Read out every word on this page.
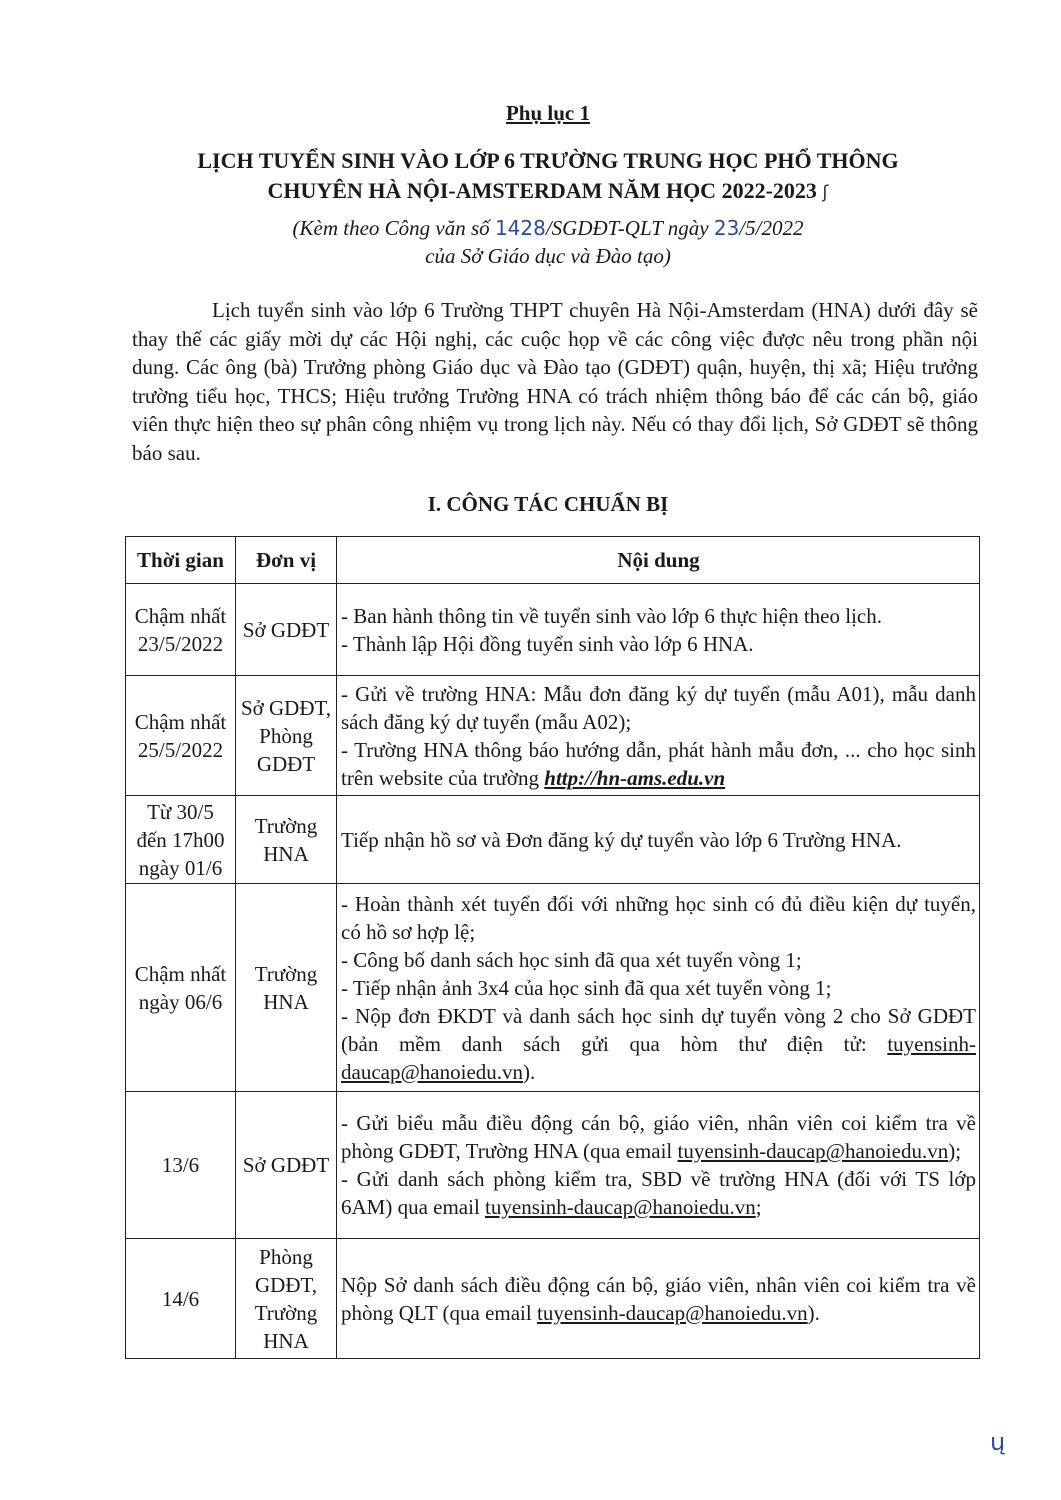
Phụ lục 1
LỊCH TUYỂN SINH VÀO LỚP 6 TRƯỜNG TRUNG HỌC PHỔ THÔNG
CHUYÊN HÀ NỘI-AMSTERDAM NĂM HỌC 2022-2023 ʃ
(Kèm theo Công văn số 1428/SGDĐT-QLT ngày 23/5/2022
của Sở Giáo dục và Đào tạo)
Lịch tuyển sinh vào lớp 6 Trường THPT chuyên Hà Nội-Amsterdam (HNA) dưới đây sẽ thay thế các giấy mời dự các Hội nghị, các cuộc họp về các công việc được nêu trong phần nội dung. Các ông (bà) Trưởng phòng Giáo dục và Đào tạo (GDĐT) quận, huyện, thị xã; Hiệu trưởng trường tiểu học, THCS; Hiệu trưởng Trường HNA có trách nhiệm thông báo để các cán bộ, giáo viên thực hiện theo sự phân công nhiệm vụ trong lịch này. Nếu có thay đổi lịch, Sở GDĐT sẽ thông báo sau.
I. CÔNG TÁC CHUẨN BỊ
Thời gian	Đơn vị	Nội dung
Chậm nhất 23/5/2022	Sở GDĐT	- Ban hành thông tin về tuyển sinh vào lớp 6 thực hiện theo lịch.
- Thành lập Hội đồng tuyển sinh vào lớp 6 HNA.

Chậm nhất 25/5/2022	Sở GDĐT, Phòng GDĐT	- Gửi về trường HNA: Mẫu đơn đăng ký dự tuyển (mẫu A01), mẫu danh sách đăng ký dự tuyển (mẫu A02);
- Trường HNA thông báo hướng dẫn, phát hành mẫu đơn, ... cho học sinh trên website của trường http://hn-ams.edu.vn

Từ 30/5 đến 17h00 ngày 01/6	Trường HNA	Tiếp nhận hồ sơ và Đơn đăng ký dự tuyển vào lớp 6 Trường HNA.

Chậm nhất ngày 06/6	Trường HNA	- Hoàn thành xét tuyển đối với những học sinh có đủ điều kiện dự tuyển, có hồ sơ hợp lệ;
- Công bố danh sách học sinh đã qua xét tuyển vòng 1;
- Tiếp nhận ảnh 3x4 của học sinh đã qua xét tuyển vòng 1;
- Nộp đơn ĐKDT và danh sách học sinh dự tuyển vòng 2 cho Sở GDĐT (bản mềm danh sách gửi qua hòm thư điện tử: tuyensinh-daucap@hanoiedu.vn).

13/6	Sở GDĐT	- Gửi biểu mẫu điều động cán bộ, giáo viên, nhân viên coi kiểm tra về phòng GDĐT, Trường HNA (qua email tuyensinh-daucap@hanoiedu.vn);
- Gửi danh sách phòng kiểm tra, SBD về trường HNA (đối với TS lớp 6AM) qua email tuyensinh-daucap@hanoiedu.vn;

14/6	Phòng GDĐT, Trường HNA	Nộp Sở danh sách điều động cán bộ, giáo viên, nhân viên coi kiểm tra về phòng QLT (qua email tuyensinh-daucap@hanoiedu.vn).
ų
